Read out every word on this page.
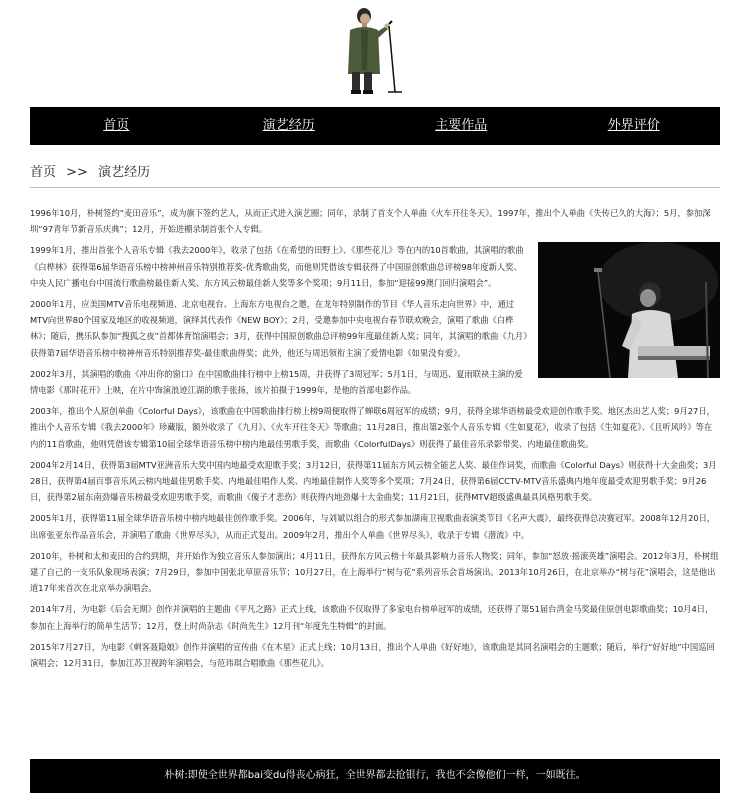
首页	演艺经历	主要作品	外界评价
首页 >> 演艺经历

1996年10月，朴树签约“麦田音乐”，成为旗下签约艺人，从而正式进入演艺圈；同年，录制了首支个人单曲《火车开往冬天》。1997年，推出个人单曲《失传已久的大海》；5月，参加深圳“97青年节新音乐庆典”；12月，开始进棚录制首张个人专辑。

1999年1月，推出首张个人音乐专辑《我去2000年》，收录了包括《在希望的田野上》、《那些花儿》等在内的10首歌曲，其演唱的歌曲《白桦林》获得第6届华语音乐榜中榜神州音乐特别推荐奖-优秀歌曲奖，而他则凭借该专辑获得了中国原创歌曲总评榜98年度新人奖、中央人民广播电台中国流行歌曲榜最佳新人奖、东方风云榜最佳新人奖等多个奖项；9月11日，参加“迎接99澳门回归演唱会”。

2000年1月，应美国MTV音乐电视频道、北京电视台、上海东方电视台之邀，在龙年特别制作的节目《华人音乐走向世界》中，通过MTV向世界80个国家及地区的收视频道，演绎其代表作《NEW BOY》；2月，受邀参加中央电视台春节联欢晚会，演唱了歌曲《白桦林》；随后，携乐队参加“搜狐之夜”首都体育馆演唱会；3月，获得中国原创歌曲总评榜99年度最佳新人奖；同年，其演唱的歌曲《九月》获得第7届华语音乐榜中榜神州音乐特别推荐奖-最佳歌曲得奖；此外，他还与周迅领衔主演了爱情电影《如果没有爱》。

2002年3月，其演唱的歌曲《冲出你的窗口》在中国歌曲排行榜中上榜15周，并获得了3周冠军；5月1日，与周迅、夏雨联袂主演的爱情电影《那时花开》上映，在片中饰演浪迹江湖的歌手张扬，该片拍摄于1999年，是他的首部电影作品。

2003年，推出个人原创单曲《Colorful Days》，该歌曲在中国歌曲排行榜上榜9周便取得了蝉联6周冠军的成绩；9月，获得全球华语榜最受欢迎创作歌手奖、地区杰出艺人奖；9月27日，推出个人音乐专辑《我去2000年》珍藏版，额外收录了《九月》、《火车开往冬天》等歌曲；11月28日，推出第2张个人音乐专辑《生如夏花》，收录了包括《生如夏花》、《且听风吟》等在内的11首歌曲，他则凭借该专辑第10届全球华语音乐榜中榜内地最佳男歌手奖，而歌曲《ColorfulDays》则获得了最佳音乐录影带奖、内地最佳歌曲奖。

2004年2月14日，获得第3届MTV亚洲音乐大奖中国内地最受欢迎歌手奖；3月12日，获得第11届东方风云榜全能艺人奖、最佳作词奖，而歌曲《Colorful Days》则获得十大金曲奖；3月28日，获得第4届百事音乐风云榜内地最佳男歌手奖、内地最佳唱作人奖、内地最佳制作人奖等多个奖项；7月24日，获得第6届CCTV-MTV音乐盛典内地年度最受欢迎男歌手奖；9月26日，获得第2届东南劲爆音乐榜最受欢迎男歌手奖，而歌曲《傻子才悲伤》则获得内地劲爆十大金曲奖；11月21日，获得MTV超级盛典最具风格男歌手奖。

2005年1月，获得第11届全球华语音乐榜中榜内地最佳创作歌手奖。2006年，与刘斌以组合的形式参加湖南卫视歌曲表演类节目《名声大震》，最终获得总决赛冠军。2008年12月20日，出席张亚东作品音乐会，并演唱了歌曲《世界尽头》，从而正式复出。2009年2月，推出个人单曲《世界尽头》，收录于专辑《潜流》中。

2010年，朴树和太和麦田的合约到期，并开始作为独立音乐人参加演出；4月11日，获得东方风云榜十年最具影响力音乐人物奖；同年，参加“怒放·摇滚英雄”演唱会。2012年3月，朴树组建了自己的一支乐队象现场表演；7月29日，参加中国张北草原音乐节；10月27日，在上海举行“树与花”系列音乐会首场演出。2013年10月26日，在北京举办“树与花”演唱会，这是他出道17年来首次在北京举办演唱会。

2014年7月，为电影《后会无期》创作并演唱的主题曲《平凡之路》正式上线，该歌曲不仅取得了多家电台榜单冠军的成绩，还获得了第51届台湾金马奖最佳原创电影歌曲奖；10月4日，参加在上海举行的简单生活节；12月，登上时尚杂志《时尚先生》12月刊“年度先生特辑”的封面。

2015年7月27日，为电影《刺客聂隐娘》创作并演唱的宣传曲《在木星》正式上线；10月13日，推出个人单曲《好好地》，该歌曲是其同名演唱会的主题歌；随后，举行“好好地”中国巡回演唱会；12月31日，参加江苏卫视跨年演唱会，与范玮琪合唱歌曲《那些花儿》。

朴树:即使全世界都bai变du得丧心病狂，全世界都去抢银行，我也不会像他们一样，一如既往。
